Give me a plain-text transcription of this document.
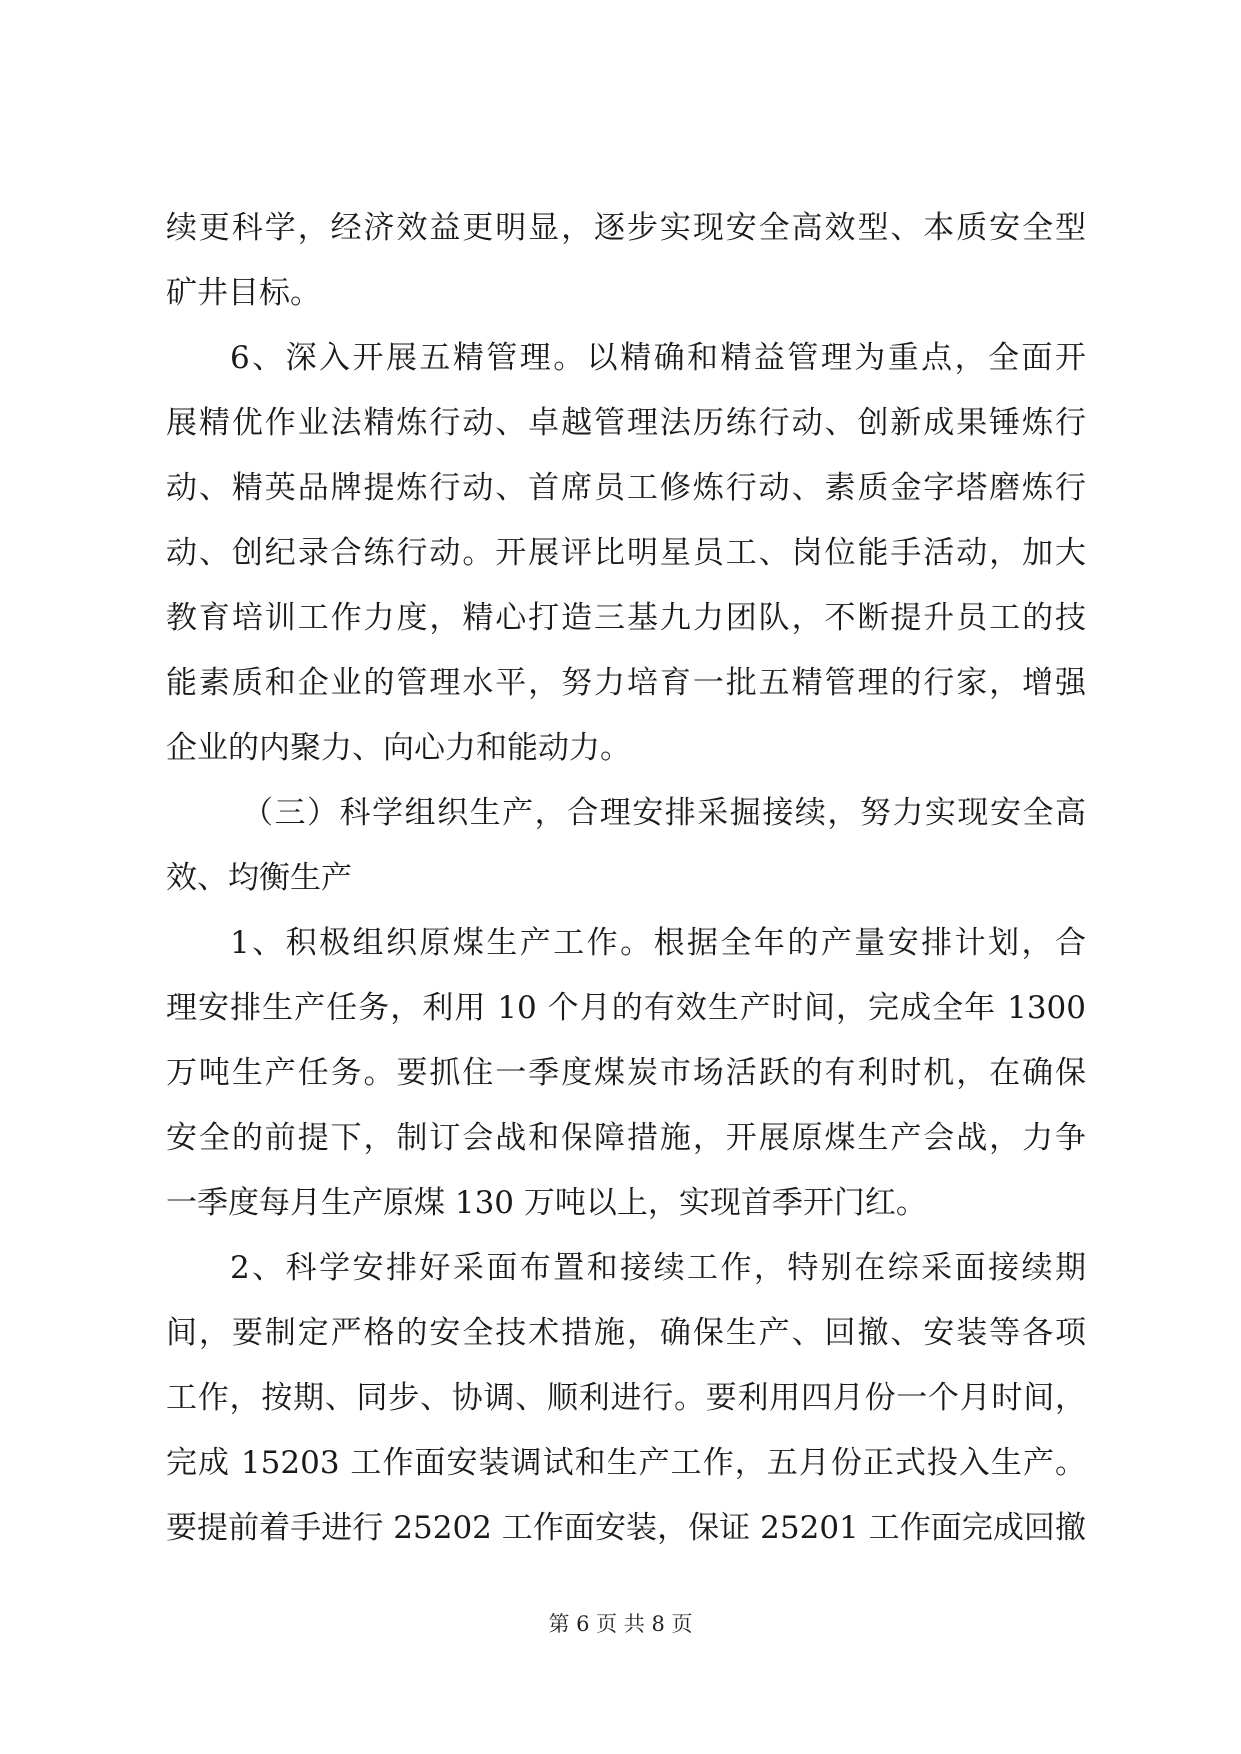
续更科学，经济效益更明显，逐步实现安全高效型、本质安全型
矿井目标。
6、深入开展五精管理。以精确和精益管理为重点，全面开
展精优作业法精炼行动、卓越管理法历练行动、创新成果锤炼行
动、精英品牌提炼行动、首席员工修炼行动、素质金字塔磨炼行
动、创纪录合练行动。开展评比明星员工、岗位能手活动，加大
教育培训工作力度，精心打造三基九力团队，不断提升员工的技
能素质和企业的管理水平，努力培育一批五精管理的行家，增强
企业的内聚力、向心力和能动力。
（三）科学组织生产，合理安排采掘接续，努力实现安全高
效、均衡生产
1、积极组织原煤生产工作。根据全年的产量安排计划，合
理安排生产任务，利用 10 个月的有效生产时间，完成全年 1300
万吨生产任务。要抓住一季度煤炭市场活跃的有利时机，在确保
安全的前提下，制订会战和保障措施，开展原煤生产会战，力争
一季度每月生产原煤 130 万吨以上，实现首季开门红。
2、科学安排好采面布置和接续工作，特别在综采面接续期
间，要制定严格的安全技术措施，确保生产、回撤、安装等各项
工作，按期、同步、协调、顺利进行。要利用四月份一个月时间，
完成 15203 工作面安装调试和生产工作，五月份正式投入生产。
要提前着手进行 25202 工作面安装，保证 25201 工作面完成回撤
第 6 页 共 8 页
